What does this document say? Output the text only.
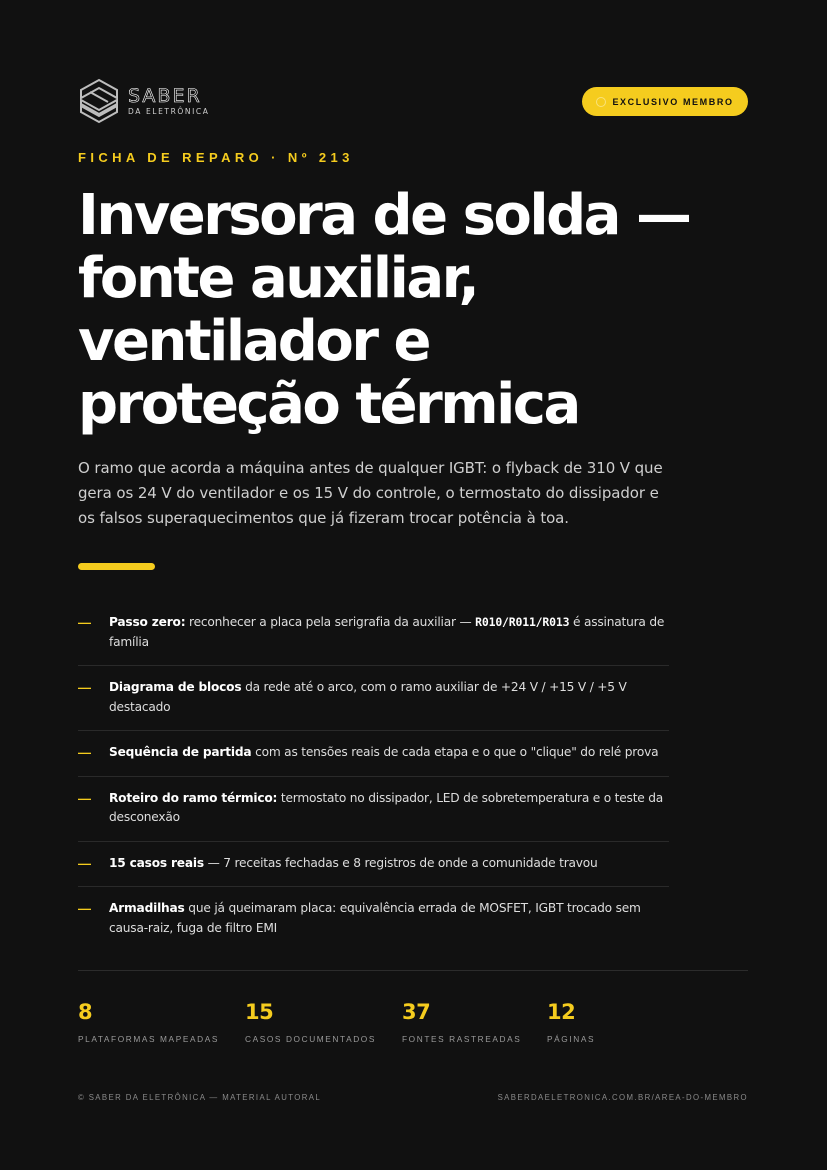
SABER
DA ELETRÔNICA
EXCLUSIVO MEMBRO
FICHA DE REPARO · Nº 213
Inversora de solda —
fonte auxiliar,
ventilador e
proteção térmica

O ramo que acorda a máquina antes de qualquer IGBT: o flyback de 310 V que gera os 24 V do ventilador e os 15 V do controle, o termostato do dissipador e os falsos superaquecimentos que já fizeram trocar potência à toa.

—	Passo zero: reconhecer a placa pela serigrafia da auxiliar — R010/R011/R013 é assinatura de família
—	Diagrama de blocos da rede até o arco, com o ramo auxiliar de +24 V / +15 V / +5 V destacado
—	Sequência de partida com as tensões reais de cada etapa e o que o "clique" do relé prova
—	Roteiro do ramo térmico: termostato no dissipador, LED de sobretemperatura e o teste da desconexão
—	15 casos reais — 7 receitas fechadas e 8 registros de onde a comunidade travou
—	Armadilhas que já queimaram placa: equivalência errada de MOSFET, IGBT trocado sem causa-raiz, fuga de filtro EMI
8
PLATAFORMAS MAPEADAS
15
CASOS DOCUMENTADOS
37
FONTES RASTREADAS
12
PÁGINAS
© SABER DA ELETRÔNICA — MATERIAL AUTORAL	SABERDAELETRONICA.COM.BR/AREA-DO-MEMBRO
